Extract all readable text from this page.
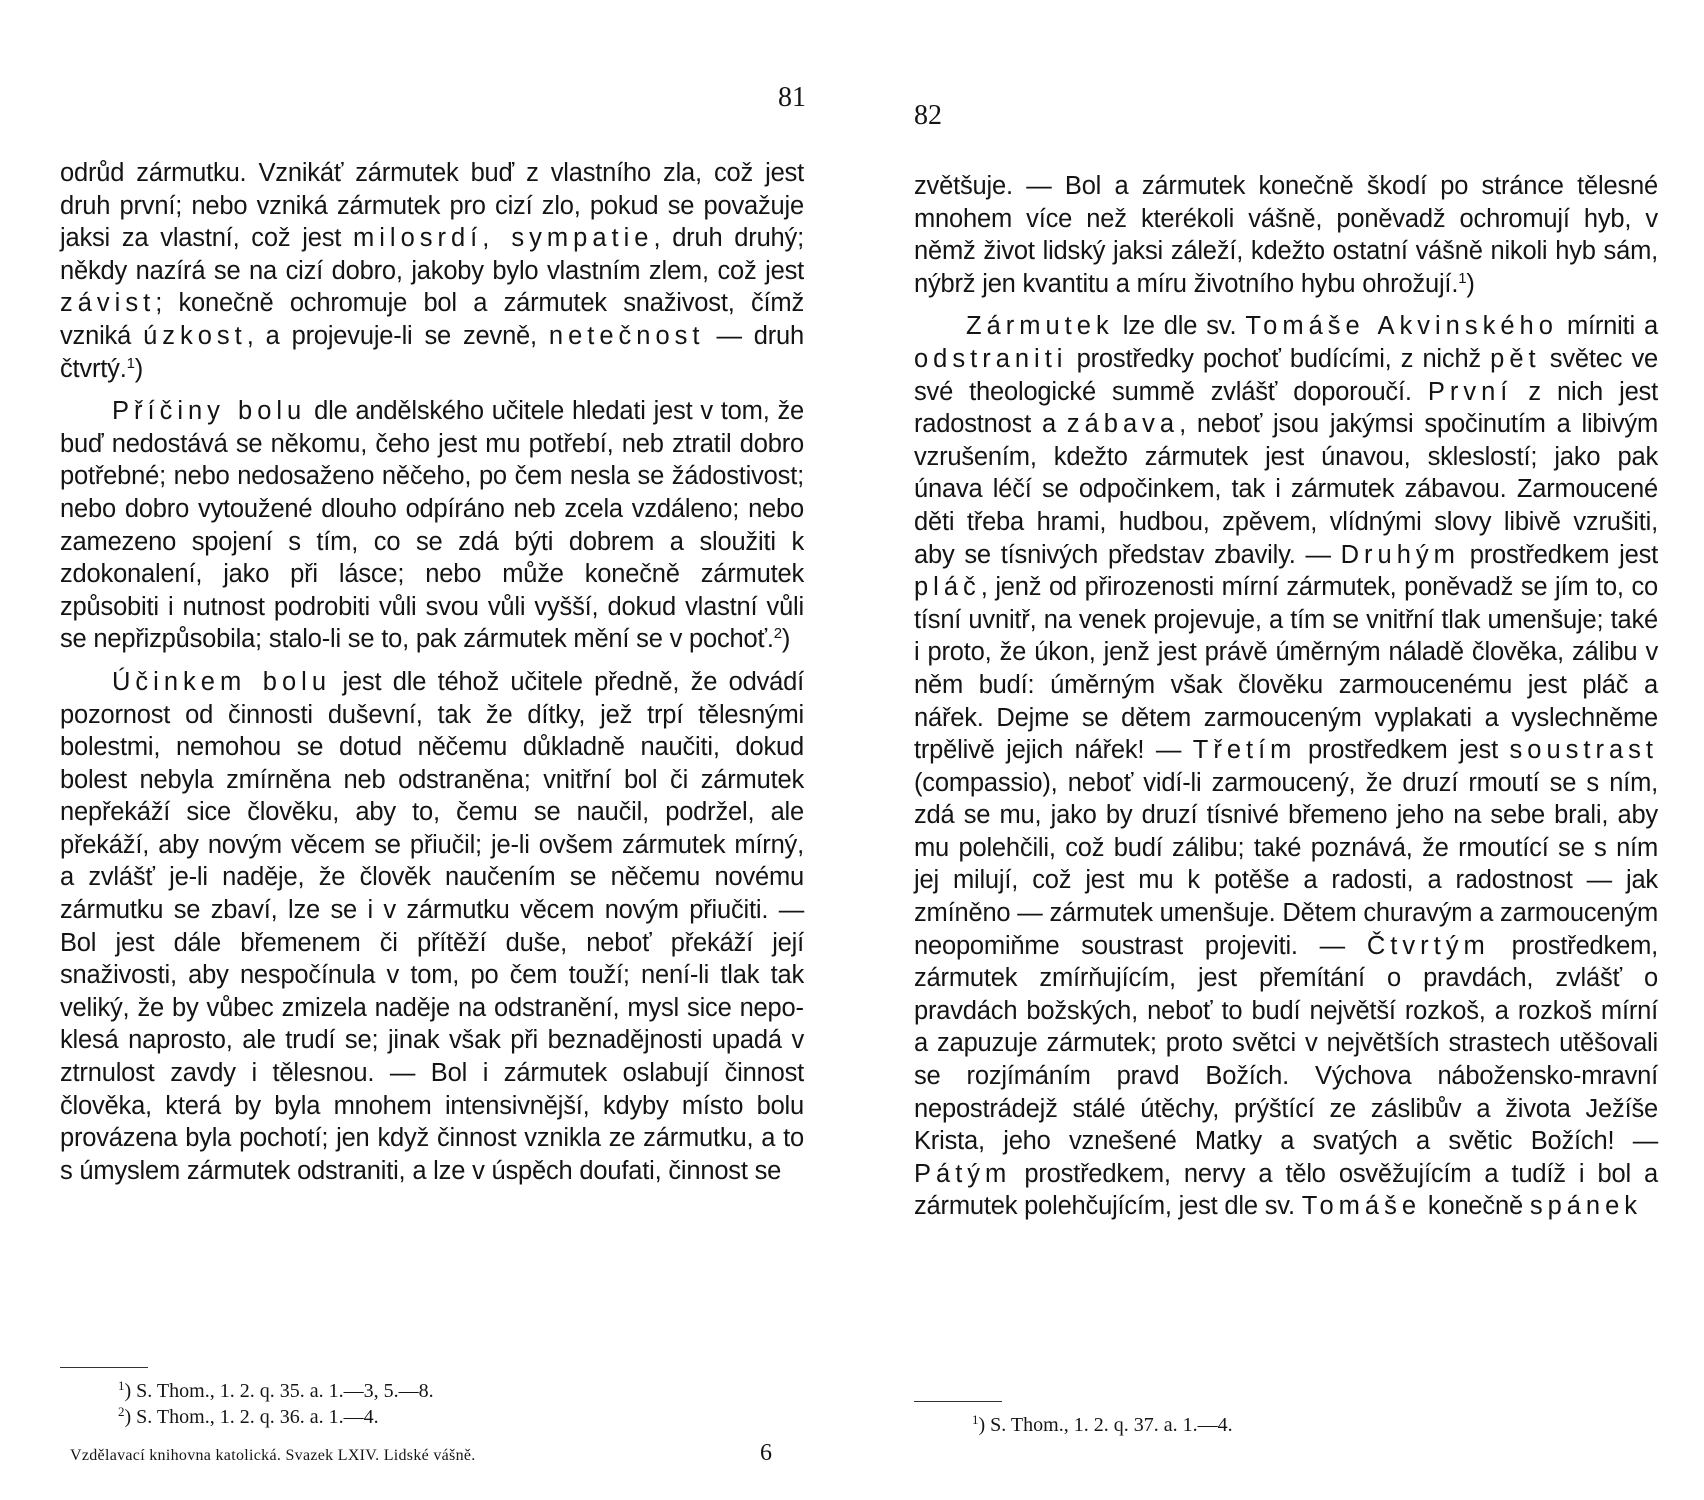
81

odrůd zármutku. Vznikáť zármutek buď z vlastního zla, což jest druh první; nebo vzniká zármutek pro cizí zlo, pokud se považuje jaksi za vlastní, což jest milosrdí, sympatie, druh druhý; někdy nazírá se na cizí dobro, jakoby bylo vlastním zlem, což jest závist; konečně ochromuje bol a zármutek snaživost, čímž vzniká úzkost, a projevuje-li se zevně, netečnost — druh čtvrtý.$^1$)

Příčiny bolu dle andělského učitele hledati jest v tom, že buď nedostává se někomu, čeho jest mu potřebí, neb ztratil dobro potřebné; nebo nedosaženo něčeho, po čem nesla se žádostivost; nebo dobro vytoužené dlouho odpíráno neb zcela vzdáleno; nebo zamezeno spojení s tím, co se zdá býti dobrem a sloužiti k zdokonalení, jako při lásce; nebo může konečně zármutek způsobiti i nutnost podrobiti vůli svou vůli vyšší, dokud vlastní vůli se nepřizpůsobila; stalo-li se to, pak zármutek mění se v pochoť.$^2$)

Účinkem bolu jest dle téhož učitele předně, že odvádí pozornost od činnosti duševní, tak že dítky, jež trpí tělesnými bolestmi, nemohou se dotud něčemu důkladně naučiti, dokud bolest nebyla zmírněna neb odstraněna; vnitřní bol či zármutek nepřekáží sice člověku, aby to, čemu se naučil, podržel, ale překáží, aby novým věcem se přiučil; je-li ovšem zármutek mírný, a zvlášť je-li naděje, že člověk naučením se něčemu novému zármutku se zbaví, lze se i v zármutku věcem novým přiučiti. — Bol jest dále břemenem či přítěží duše, neboť překáží její snaživosti, aby nespočínula v tom, po čem touží; není-li tlak tak veliký, že by vůbec zmizela naděje na odstranění, mysl sice nepoklesá naprosto, ale trudí se; jinak však při beznadějnosti upadá v ztrnulost zavdy i tělesnou. — Bol i zármutek oslabují činnost člověka, která by byla mnohem intensivnější, kdyby místo bolu provázena byla pochotí; jen když činnost vznikla ze zármutku, a to s úmyslem zármutek odstraniti, a lze v úspěch doufati, činnost se

$^1$) S. Thom., 1. 2. q. 35. a. 1.—3, 5.—8.
$^2$) S. Thom., 1. 2. q. 36. a. 1.—4.
Vzdělavací knihovna katolická. Svazek LXIV. Lidské vášně.	6
82

zvětšuje. — Bol a zármutek konečně škodí po stránce tělesné mnohem více než kterékoli vášně, poněvadž ochromují hyb, v němž život lidský jaksi záleží, kdežto ostatní vášně nikoli hyb sám, nýbrž jen kvantitu a míru životního hybu ohrožují.$^1$)

Zármutek lze dle sv. Tomáše Akvinského mírniti a odstraniti prostředky pochoť budícími, z nichž pět světec ve své theologické summě zvlášť doporoučí. První z nich jest radostnost a zábava, neboť jsou jakýmsi spočinutím a libivým vzrušením, kdežto zármutek jest únavou, skleslostí; jako pak únava léčí se odpočinkem, tak i zármutek zábavou. Zarmoucené děti třeba hrami, hudbou, zpěvem, vlídnými slovy libivě vzrušiti, aby se tísnivých představ zbavily. — Druhým prostředkem jest pláč, jenž od přirozenosti mírní zármutek, poněvadž se jím to, co tísní uvnitř, na venek projevuje, a tím se vnitřní tlak umenšuje; také i proto, že úkon, jenž jest právě úměrným náladě člověka, zálibu v něm budí: úměrným však člověku zarmoucenému jest pláč a nářek. Dejme se dětem zarmouceným vyplakati a vyslechněme trpělivě jejich nářek! — Třetím prostředkem jest soustrast (compassio), neboť vidí-li zarmoucený, že druzí rmoutí se s ním, zdá se mu, jako by druzí tísnivé břemeno jeho na sebe brali, aby mu polehčili, což budí zálibu; také poznává, že rmoutící se s ním jej milují, což jest mu k potěše a radosti, a radostnost — jak zmíněno — zármutek umenšuje. Dětem churavým a zarmouceným neopomiňme soustrast projeviti. — Čtvrtým prostředkem, zármutek zmírňujícím, jest přemítání o pravdách, zvlášť o pravdách božských, neboť to budí největší rozkoš, a rozkoš mírní a zapuzuje zármutek; proto světci v největších strastech utěšovali se rozjímáním pravd Božích. Výchova nábožensko-mravní nepostrádejž stálé útěchy, prýštící ze záslibův a života Ježíše Krista, jeho vznešené Matky a svatých a světic Božích! — Pátým prostředkem, nervy a tělo osvěžujícím a tudíž i bol a zármutek polehčujícím, jest dle sv. Tomáše konečně spánek

$^1$) S. Thom., 1. 2. q. 37. a. 1.—4.
